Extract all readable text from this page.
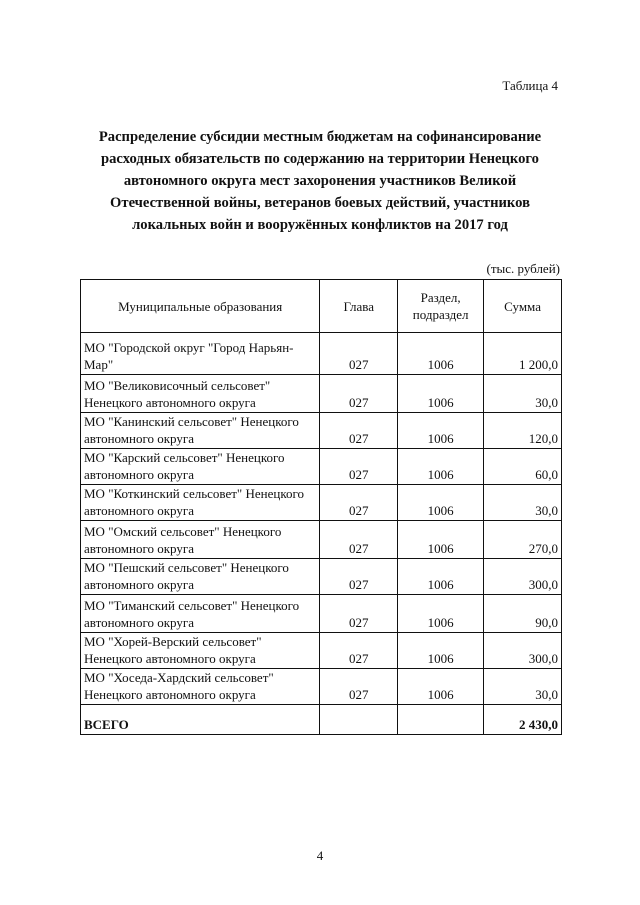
Таблица 4
Распределение субсидии местным бюджетам на софинансирование расходных обязательств по содержанию на территории Ненецкого автономного округа мест захоронения участников Великой Отечественной войны, ветеранов боевых действий, участников локальных войн и вооружённых конфликтов на 2017 год
(тыс. рублей)
Муниципальные образования	Глава	Раздел, подраздел	Сумма
МО "Городской округ "Город Нарьян-Мар"	027	1006	1 200,0
МО "Великовисочный сельсовет" Ненецкого автономного округа	027	1006	30,0
МО "Канинский сельсовет" Ненецкого автономного округа	027	1006	120,0
МО "Карский сельсовет" Ненецкого автономного округа	027	1006	60,0
МО "Коткинский сельсовет" Ненецкого автономного округа	027	1006	30,0
МО "Омский сельсовет" Ненецкого автономного округа	027	1006	270,0
МО "Пешский сельсовет" Ненецкого автономного округа	027	1006	300,0
МО "Тиманский сельсовет" Ненецкого автономного округа	027	1006	90,0
МО "Хорей-Верский сельсовет" Ненецкого автономного округа	027	1006	300,0
МО "Хоседа-Хардский сельсовет" Ненецкого автономного округа	027	1006	30,0
ВСЕГО			2 430,0
4
